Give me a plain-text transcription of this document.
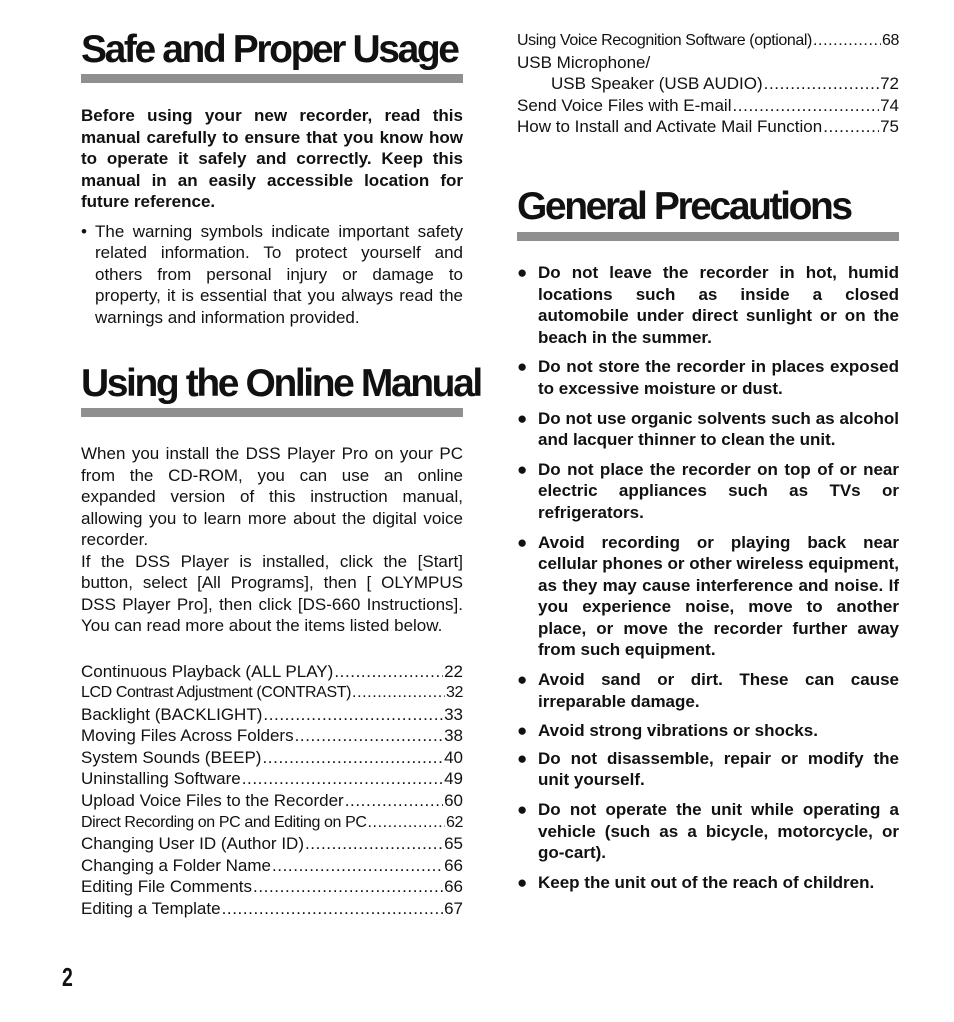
Safe and Proper Usage

Before using your new recorder, read this manual carefully to ensure that you know how to operate it safely and correctly. Keep this manual in an easily accessible location for future reference.

• The warning symbols indicate important safety related information. To protect yourself and others from personal injury or damage to property, it is essential that you always read the warnings and information provided.

Using the Online Manual

When you install the DSS Player Pro on your PC from the CD-ROM, you can use an online expanded version of this instruction manual, allowing you to learn more about the digital voice recorder.

If the DSS Player is installed, click the [Start] button, select [All Programs], then [ OLYMPUS DSS Player Pro], then click [DS-660 Instructions]. You can read more about the items listed below.

Continuous Playback (ALL PLAY) .....	22
LCD Contrast Adjustment (CONTRAST) .....	32
Backlight (BACKLIGHT) .....	33
Moving Files Across Folders .....	38
System Sounds (BEEP) .....	40
Uninstalling Software .....	49
Upload Voice Files to the Recorder .....	60
Direct Recording on PC and Editing on PC .....	62
Changing User ID (Author ID) .....	65
Changing a Folder Name .....	66
Editing File Comments .....	66
Editing a Template .....	67
Using Voice Recognition Software (optional) .....	68
USB Microphone/
USB Speaker (USB AUDIO) .....	72
Send Voice Files with E-mail .....	74
How to Install and Activate Mail Function .....	75
General Precautions
● Do not leave the recorder in hot, humid locations such as inside a closed automobile under direct sunlight or on the beach in the summer.
● Do not store the recorder in places exposed to excessive moisture or dust.
● Do not use organic solvents such as alcohol and lacquer thinner to clean the unit.
● Do not place the recorder on top of or near electric appliances such as TVs or refrigerators.
● Avoid recording or playing back near cellular phones or other wireless equipment, as they may cause interference and noise. If you experience noise, move to another place, or move the recorder further away from such equipment.
● Avoid sand or dirt. These can cause irreparable damage.
● Avoid strong vibrations or shocks.
● Do not disassemble, repair or modify the unit yourself.
● Do not operate the unit while operating a vehicle (such as a bicycle, motorcycle, or go-cart).
● Keep the unit out of the reach of children.
2
